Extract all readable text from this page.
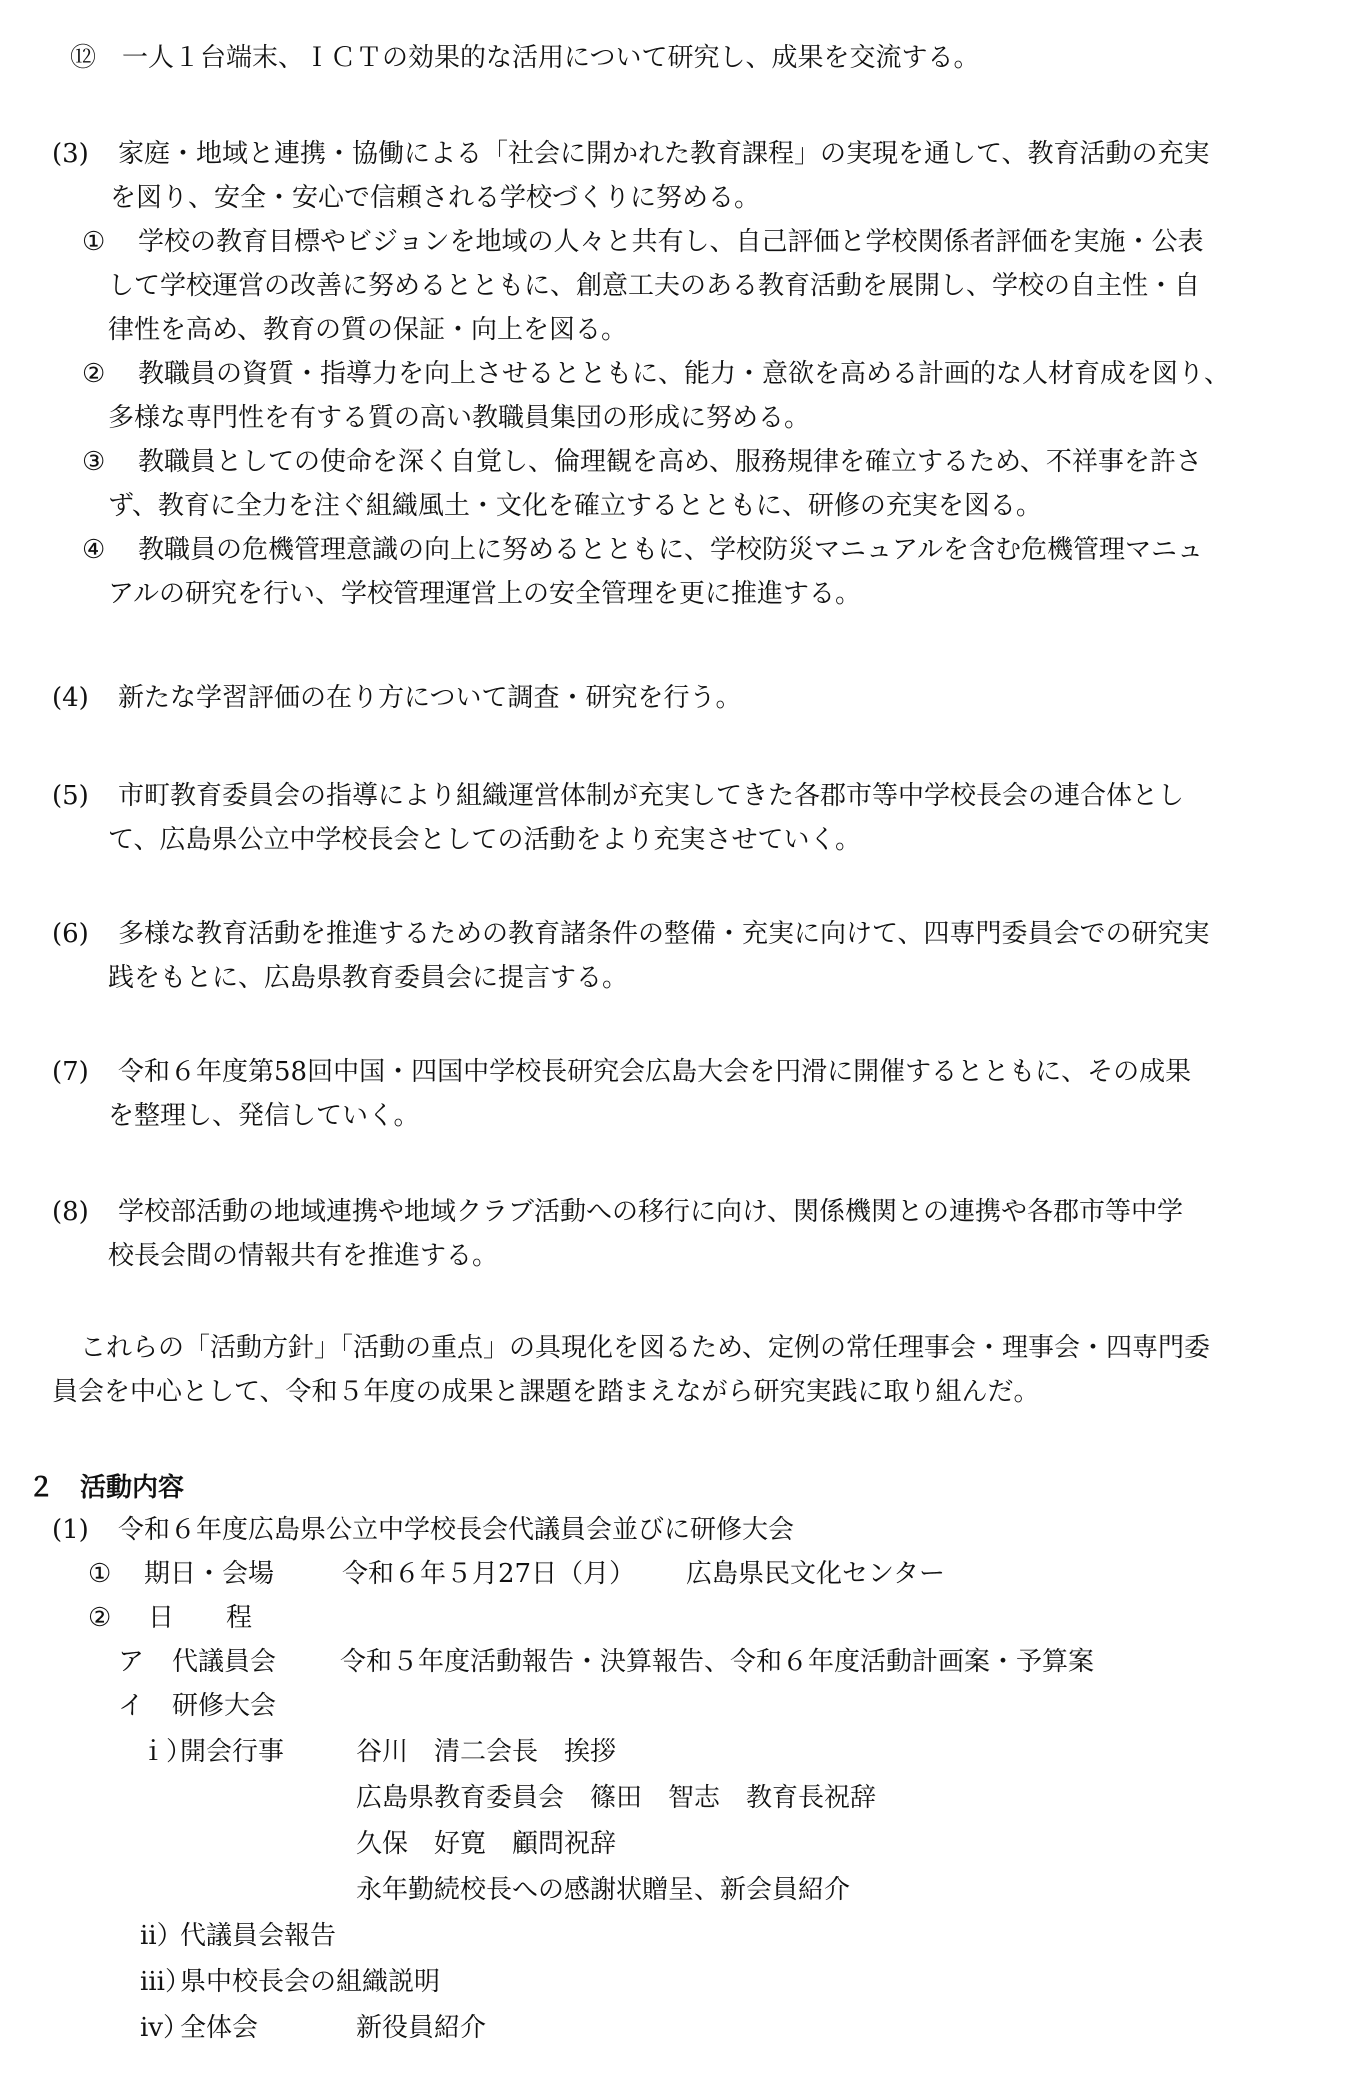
⑫ 一人１台端末、ＩＣＴの効果的な活用について研究し、成果を交流する。
(3) 家庭・地域と連携・協働による「社会に開かれた教育課程」の実現を通して、教育活動の充実
を図り、安全・安心で信頼される学校づくりに努める。
① 学校の教育目標やビジョンを地域の人々と共有し、自己評価と学校関係者評価を実施・公表
して学校運営の改善に努めるとともに、創意工夫のある教育活動を展開し、学校の自主性・自
律性を高め、教育の質の保証・向上を図る。
② 教職員の資質・指導力を向上させるとともに、能力・意欲を高める計画的な人材育成を図り、
多様な専門性を有する質の高い教職員集団の形成に努める。
③ 教職員としての使命を深く自覚し、倫理観を高め、服務規律を確立するため、不祥事を許さ
ず、教育に全力を注ぐ組織風土・文化を確立するとともに、研修の充実を図る。
④ 教職員の危機管理意識の向上に努めるとともに、学校防災マニュアルを含む危機管理マニュ
アルの研究を行い、学校管理運営上の安全管理を更に推進する。
(4) 新たな学習評価の在り方について調査・研究を行う。
(5) 市町教育委員会の指導により組織運営体制が充実してきた各郡市等中学校長会の連合体とし
て、広島県公立中学校長会としての活動をより充実させていく。
(6) 多様な教育活動を推進するための教育諸条件の整備・充実に向けて、四専門委員会での研究実
践をもとに、広島県教育委員会に提言する。
(7) 令和６年度第58回中国・四国中学校長研究会広島大会を円滑に開催するとともに、その成果
を整理し、発信していく。
(8) 学校部活動の地域連携や地域クラブ活動への移行に向け、関係機関との連携や各郡市等中学
校長会間の情報共有を推進する。
これらの「活動方針」「活動の重点」の具現化を図るため、定例の常任理事会・理事会・四専門委
員会を中心として、令和５年度の成果と課題を踏まえながら研究実践に取り組んだ。
２　活動内容
(1) 令和６年度広島県公立中学校長会代議員会並びに研修大会
① 期日・会場	令和６年５月27日（月） 広島県民文化センター
② 日　　程
ア 代議員会 令和５年度活動報告・決算報告、令和６年度活動計画案・予算案
イ 研修大会
ｉ）開会行事	谷川　清二会長　挨拶
広島県教育委員会　篠田　智志　教育長祝辞
久保　好寛　顧問祝辞
永年勤続校長への感謝状贈呈、新会員紹介
ⅱ）代議員会報告
ⅲ）県中校長会の組織説明
ⅳ）全体会	新役員紹介
